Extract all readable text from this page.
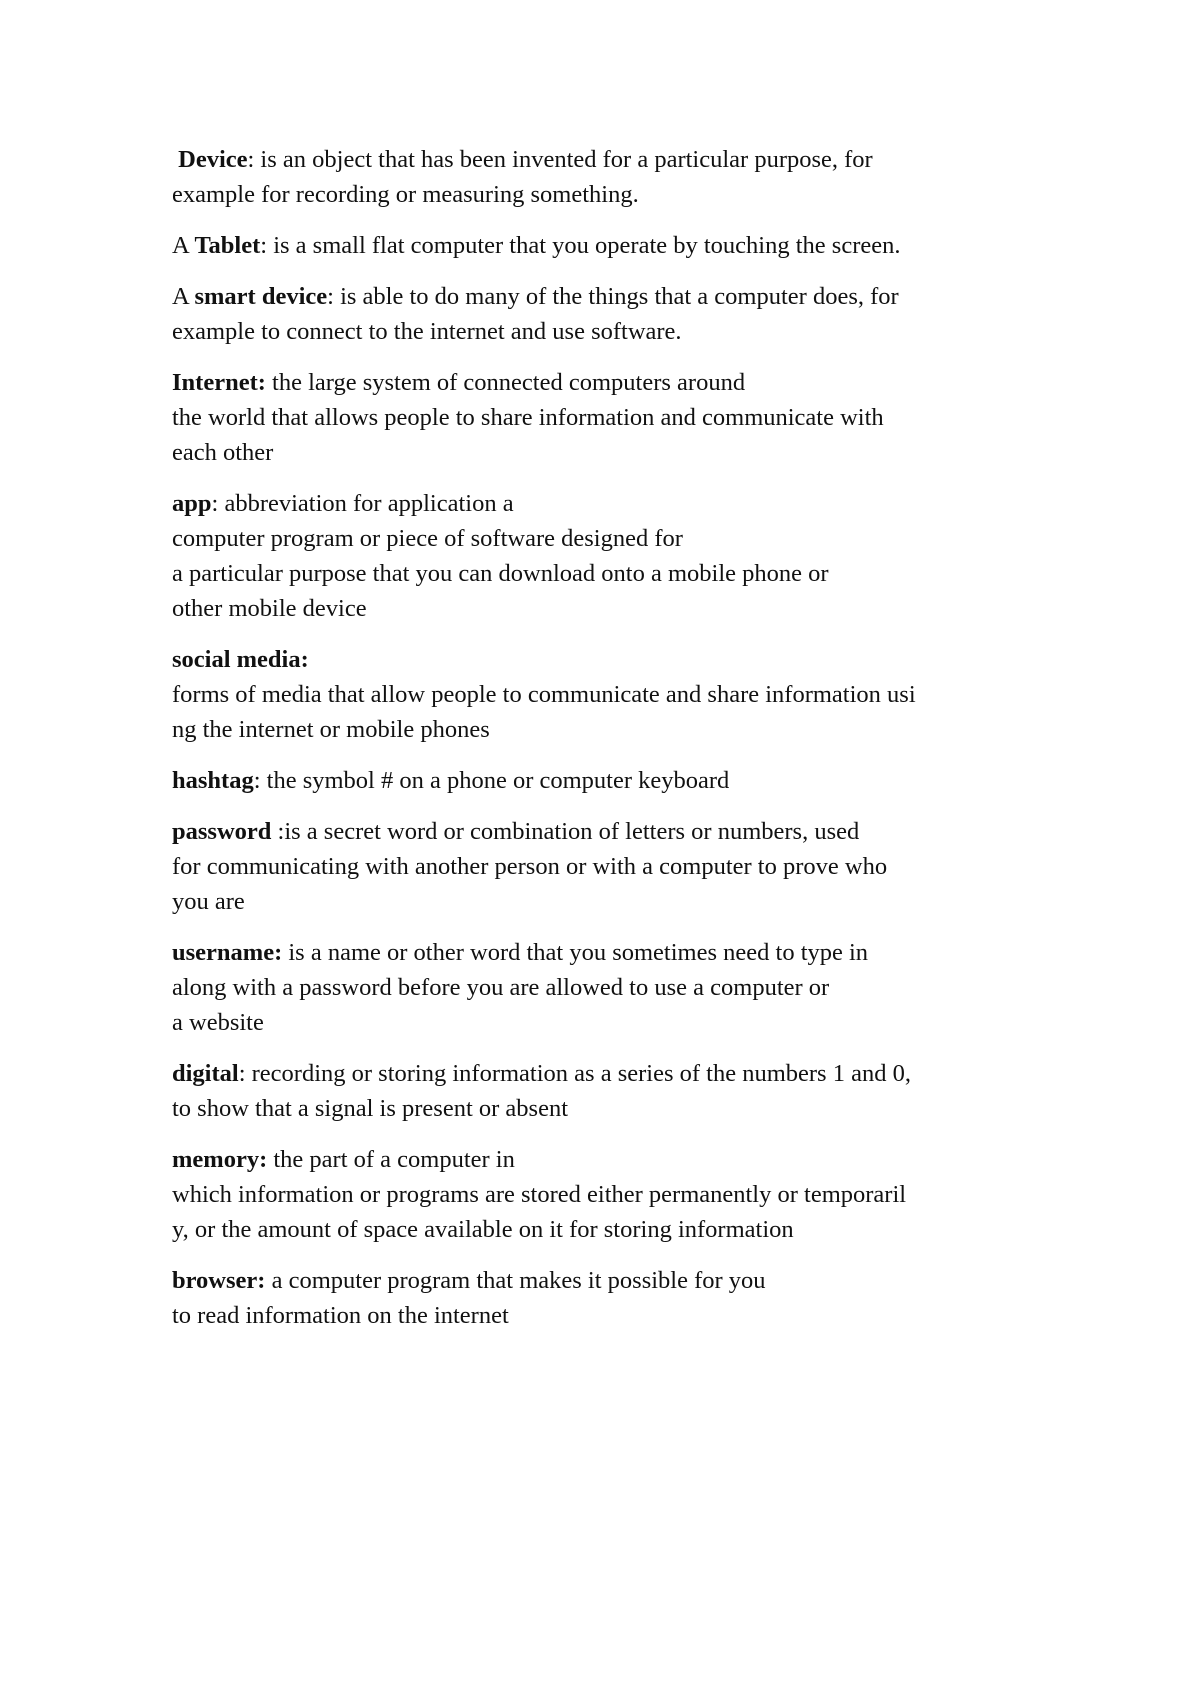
Device: is an object that has been invented for a particular purpose, for
example for recording or measuring something.
A Tablet: is a small flat computer that you operate by touching the screen.
A smart device: is able to do many of the things that a computer does, for
example to connect to the internet and use software.
Internet: the large system of connected computers around
the world that allows people to share information and communicate with
each other
app: abbreviation for application a
computer program or piece of software designed for
a particular purpose that you can download onto a mobile phone or
other mobile device
social media:
forms of media that allow people to communicate and share information usi
ng the internet or mobile phones
hashtag: the symbol # on a phone or computer keyboard
password :is a secret word or combination of letters or numbers, used
for communicating with another person or with a computer to prove who
you are
username: is a name or other word that you sometimes need to type in
along with a password before you are allowed to use a computer or
a website
digital: recording or storing information as a series of the numbers 1 and 0,
to show that a signal is present or absent
memory: the part of a computer in
which information or programs are stored either permanently or temporaril
y, or the amount of space available on it for storing information
browser: a computer program that makes it possible for you
to read information on the internet
